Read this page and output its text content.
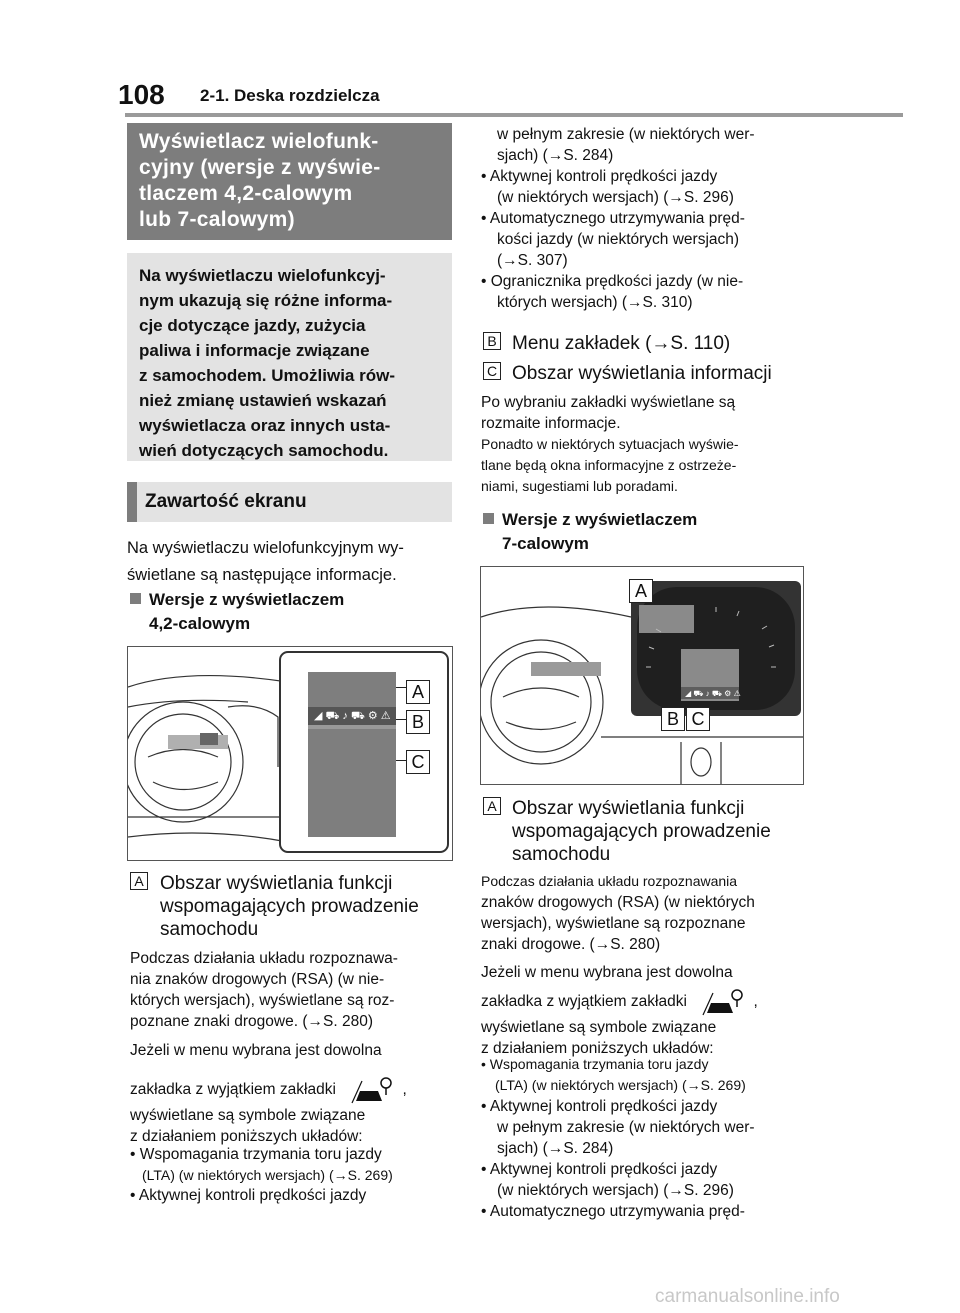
108 2-1. Deska rozdzielcza
Wyświetlacz wielofunk-
cyjny (wersje z wyświe-
tlaczem 4,2-calowym
lub 7-calowym)
Na wyświetlaczu wielofunkcyj-
nym ukazują się różne informa-
cje dotyczące jazdy, zużycia
paliwa i informacje związane
z samochodem. Umożliwia rów-
nież zmianę ustawień wskazań
wyświetlacza oraz innych usta-
wień dotyczących samochodu.
Zawartość ekranu
Na wyświetlaczu wielofunkcyjnym wy-
świetlane są następujące informacje.
Wersje z wyświetlaczem
4,2-calowym
◢ ⛟ ♪ ⛟ ⚙ ⚠
A
B
C
A Obszar wyświetlania funkcji
wspomagających prowadzenie
samochodu
Podczas działania układu rozpoznawa-
nia znaków drogowych (RSA) (w nie-
których wersjach), wyświetlane są roz-
poznane znaki drogowe. (→S. 280)
Jeżeli w menu wybrana jest dowolna
zakładka z wyjątkiem zakładki	,
wyświetlane są symbole związane
z działaniem poniższych układów:
• Wspomagania trzymania toru jazdy
(LTA) (w niektórych wersjach) (→S. 269)
• Aktywnej kontroli prędkości jazdy
w pełnym zakresie (w niektórych wer-
sjach) (→S. 284)
• Aktywnej kontroli prędkości jazdy
(w niektórych wersjach) (→S. 296)
• Automatycznego utrzymywania pręd-
kości jazdy (w niektórych wersjach)
(→S. 307)
• Ogranicznika prędkości jazdy (w nie-
których wersjach) (→S. 310)
B Menu zakładek (→S. 110)
C Obszar wyświetlania informacji
Po wybraniu zakładki wyświetlane są
rozmaite informacje.
Ponadto w niektórych sytuacjach wyświe-
tlane będą okna informacyjne z ostrzeże-
niami, sugestiami lub poradami.
Wersje z wyświetlaczem
7-calowym
◢ ⛟ ♪ ⛟ ⚙ ⚠
A
B C
A Obszar wyświetlania funkcji
wspomagających prowadzenie
samochodu
Podczas działania układu rozpoznawania
znaków drogowych (RSA) (w niektórych
wersjach), wyświetlane są rozpoznane
znaki drogowe. (→S. 280)
Jeżeli w menu wybrana jest dowolna
zakładka z wyjątkiem zakładki	,
wyświetlane są symbole związane
z działaniem poniższych układów:
• Wspomagania trzymania toru jazdy
(LTA) (w niektórych wersjach) (→S. 269)
• Aktywnej kontroli prędkości jazdy
w pełnym zakresie (w niektórych wer-
sjach) (→S. 284)
• Aktywnej kontroli prędkości jazdy
(w niektórych wersjach) (→S. 296)
• Automatycznego utrzymywania pręd-
carmanualsonline.info
